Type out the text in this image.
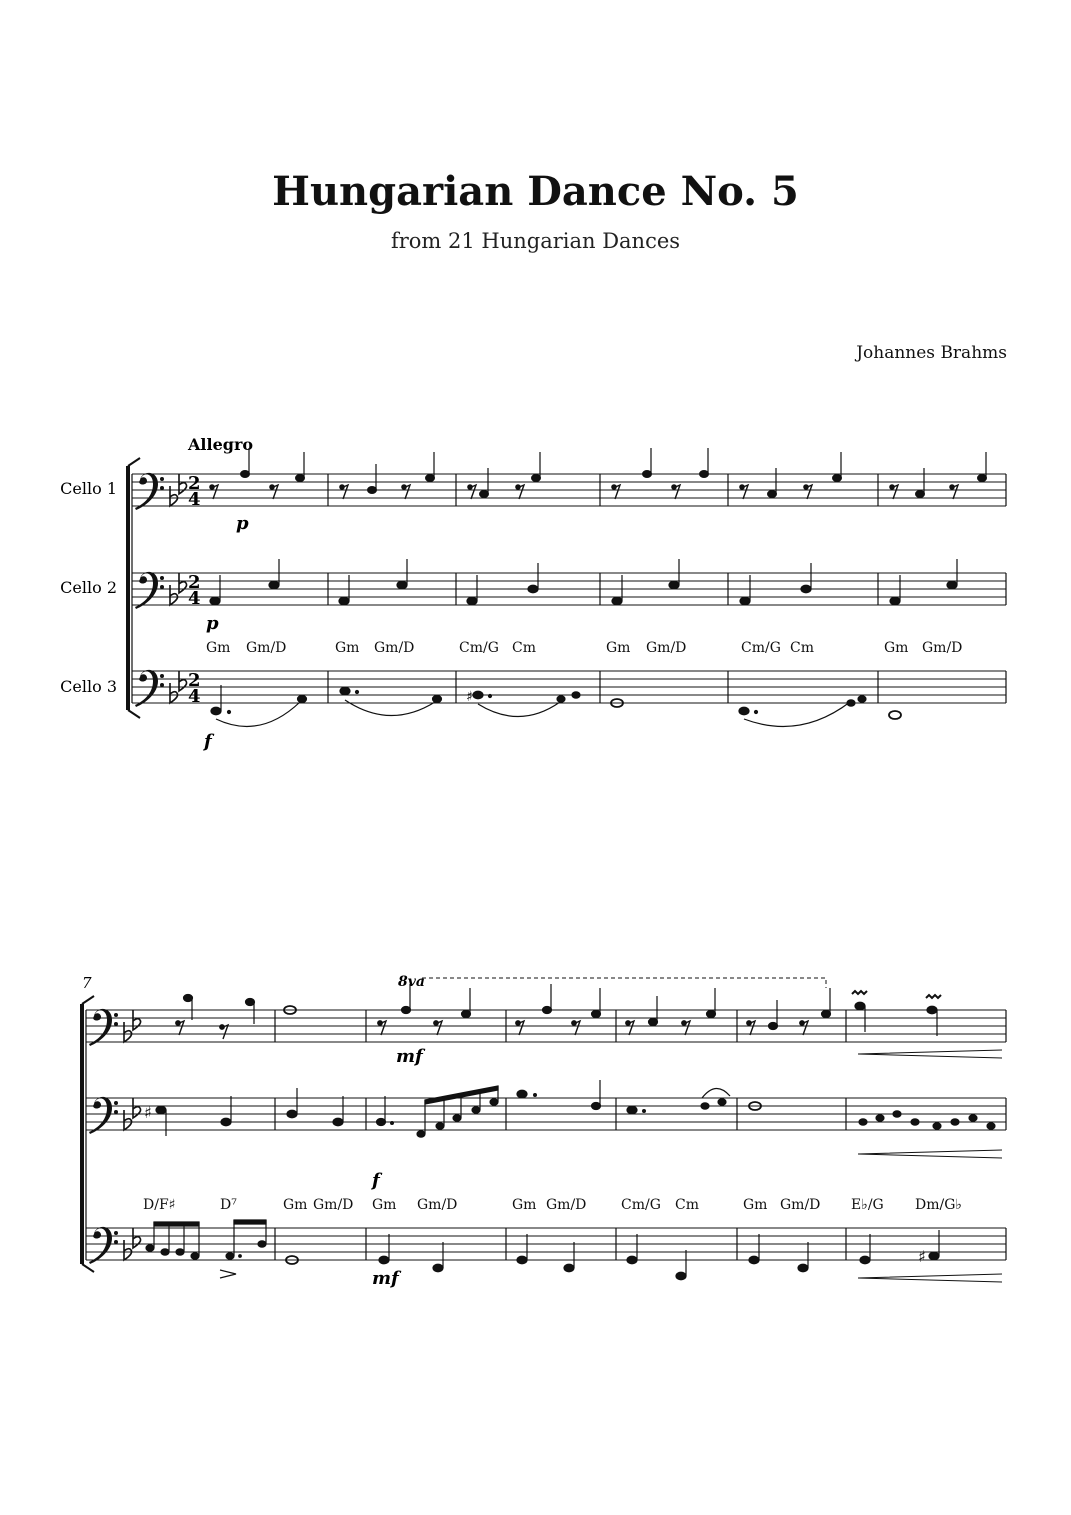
Hungarian Dance No. 5
from 21 Hungarian Dances
Johannes Brahms
Allegro
Cello 1
Cello 2
Cello 3
2
4
2
4
2
4	♯
p
p
f
Gm Gm/D	Gm Gm/D	Cm/G Cm	Gm Gm/D	Cm/G Cm	Gm Gm/D
7	8va
mf
♯
f
D/F♯	D⁷	Gm Gm/D Gm Gm/D	Gm Gm/D Cm/G Cm	Gm Gm/D E♭/G Dm/G♭
♯
mf
